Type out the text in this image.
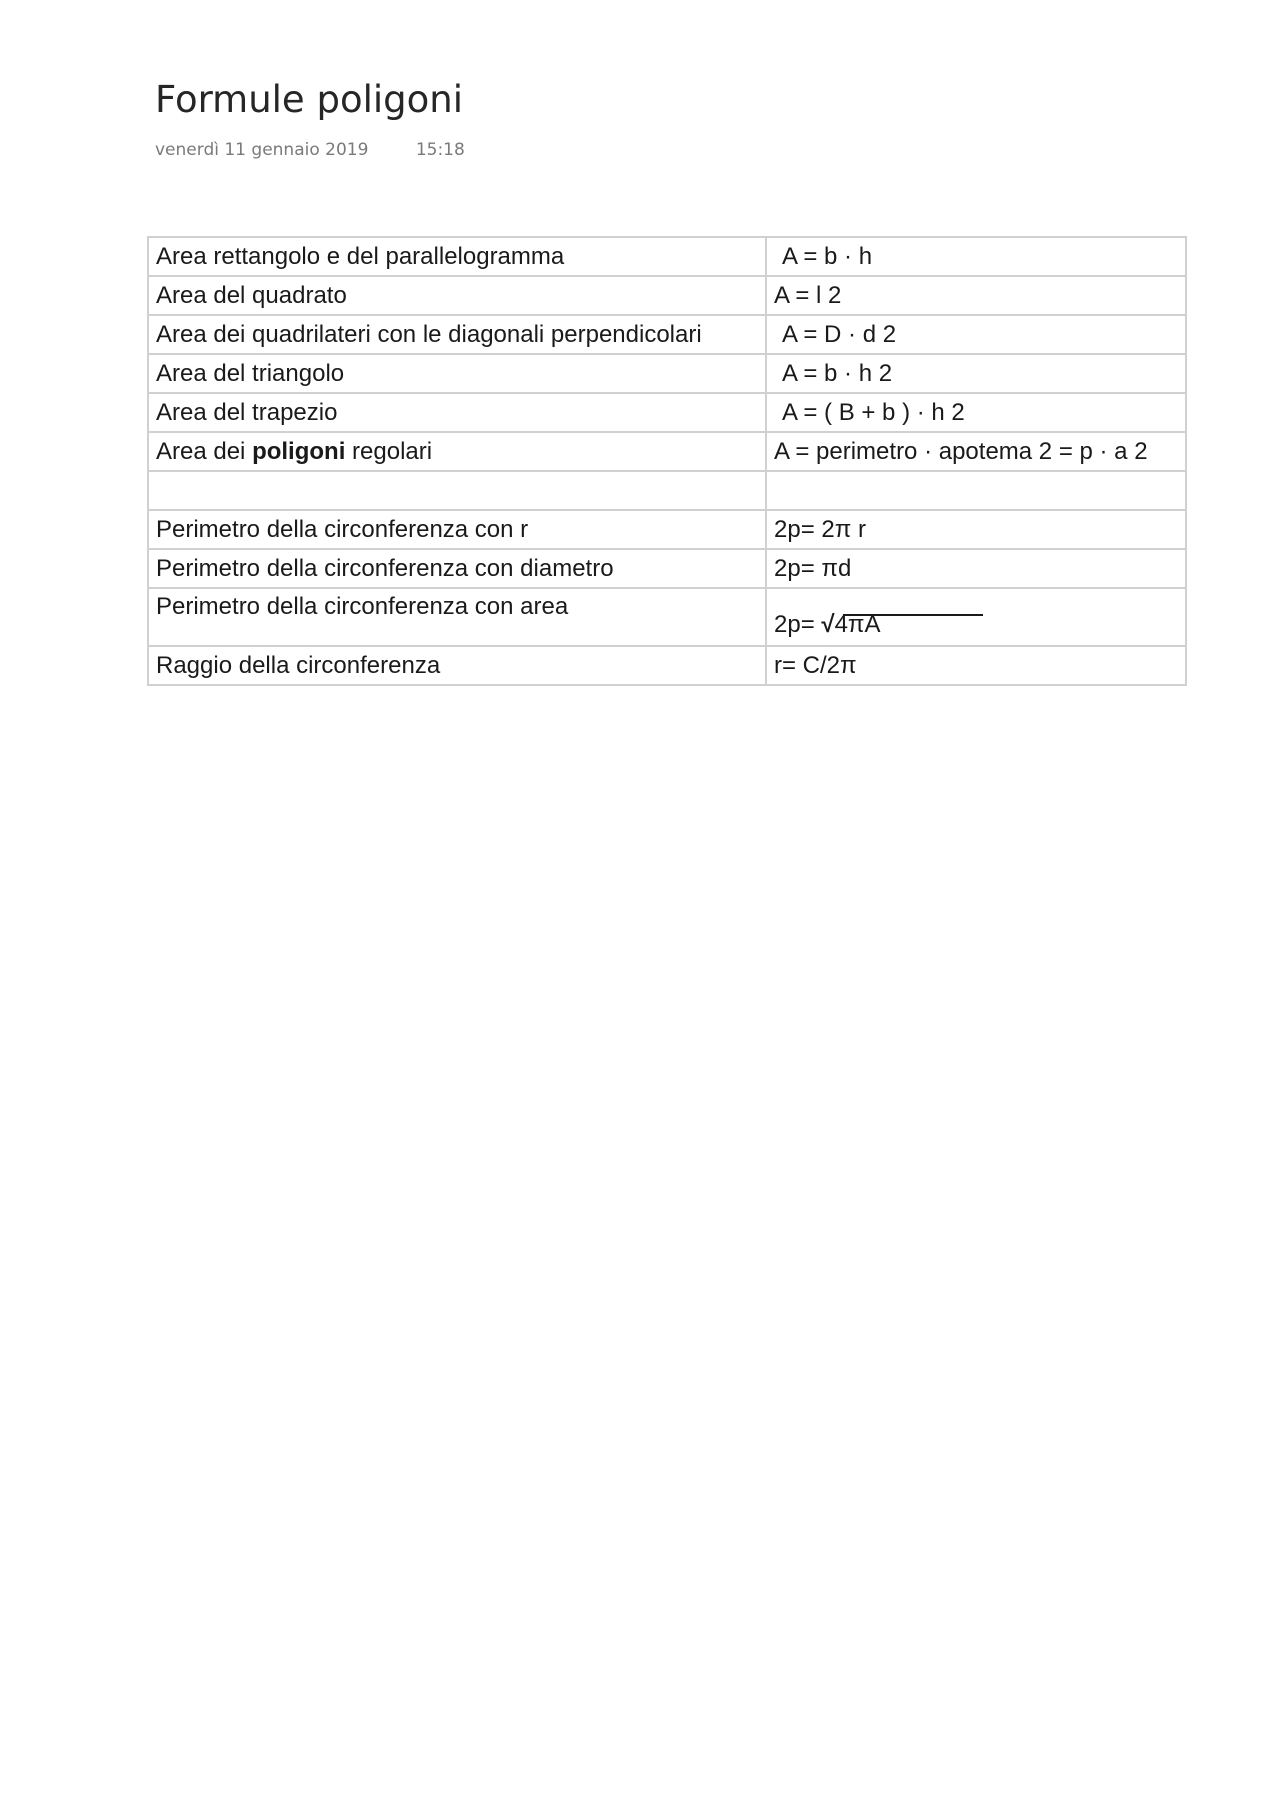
Formule poligoni
venerdì 11 gennaio 2019	15:18
Area rettangolo e del parallelogramma	A = b · h
Area del quadrato	A = l 2
Area dei quadrilateri con le diagonali perpendicolari	A = D · d 2
Area del triangolo	A = b · h 2
Area del trapezio	A = ( B + b ) · h 2
Area dei poligoni regolari	A = perimetro · apotema 2 = p · a 2

Perimetro della circonferenza con r	2p= 2π r
Perimetro della circonferenza con diametro	2p= πd
Perimetro della circonferenza con area	2p= √4πA

Raggio della circonferenza	r= C/2π
